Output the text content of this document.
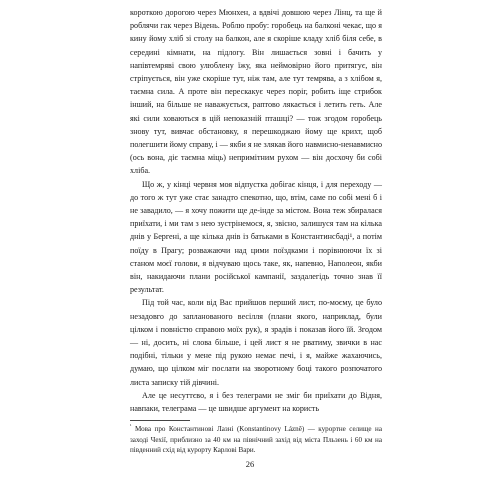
короткою дорогою через Мюнхен, а вдвічі довшою через Лінц, та ще й роблячи гак через Відень. Роблю пробу: горобець на балконі чекає, що я кину йому хліб зі столу на балкон, але я скоріше кладу хліб біля себе, в серединi кiмнати, на підлогу. Він лишається зовні і бачить у напівтемряві свою улюблену їжу, яка неймовірно його притягує, він стрiпується, він уже скоріше тут, ніж там, але тут темрява, а з хлібом я, таємна сила. А проте він перескакує через поріг, робить іще стрибок інший, на більше не наважується, раптово лякається і летить геть. Але які сили ховаються в цій непоказній пташці? — тож згодом горобець знову тут, вивчає обстановку, я перешкоджаю йому ще крихт, щоб полегшити йому справу, і — якби я не злякав його навмисно-ненавмисно (ось вона, дiє таємна міць) непримітним рухом — він досхочу би собі хліба.

Що ж, у кінці червня моя відпустка добігає кінця, і для переходу — до того ж тут уже стає занадто спекотно, що, втім, саме по собі мені б і не завадило, — я хочу пожити ще де-інде за містом. Вона теж збиралася приїхати, і ми там з нею зустрінемося, я, звісно, залишуся там на кілька днів у Бергені, а ще кілька днів із батьками в Константинсбаді¹, а потім поїду в Прагу; розважаючи над цими поїздками і порівнюючи їх зі станом моєї голови, я відчуваю щось таке, як, напевно, Наполеон, якби він, накидаючи плани російської кампанії, заздалегідь точно знав її результат.

Під той час, коли від Вас прийшов перший лист, по-моєму, це було незадовго до запланованого весілля (плани якого, наприклад, були цілком і повністю справою моїх рук), я зрадів і показав його їй. Згодом — ні, досить, ні слова більше, і цей лист я не рватиму, звички в нас подібні, тільки у мене під рукою немає печі, і я, майже жахаючись, думаю, що цілком міг послати на зворотному боці такого розпочатого листа записку тій дівчині.

Але це несуттєво, я і без телеграми не зміг би приїхати до Відня, навпаки, телеграма — це швидше аргумент на користь

$^{^1}$ Мова про Константинові Лазні (Konstantinovy Lázně) — курортне селище на заході Чехії, приблизно за 40 км на північний захід від міста Пльзень і 60 км на південний схід від курорту Карлові Вари.

26
